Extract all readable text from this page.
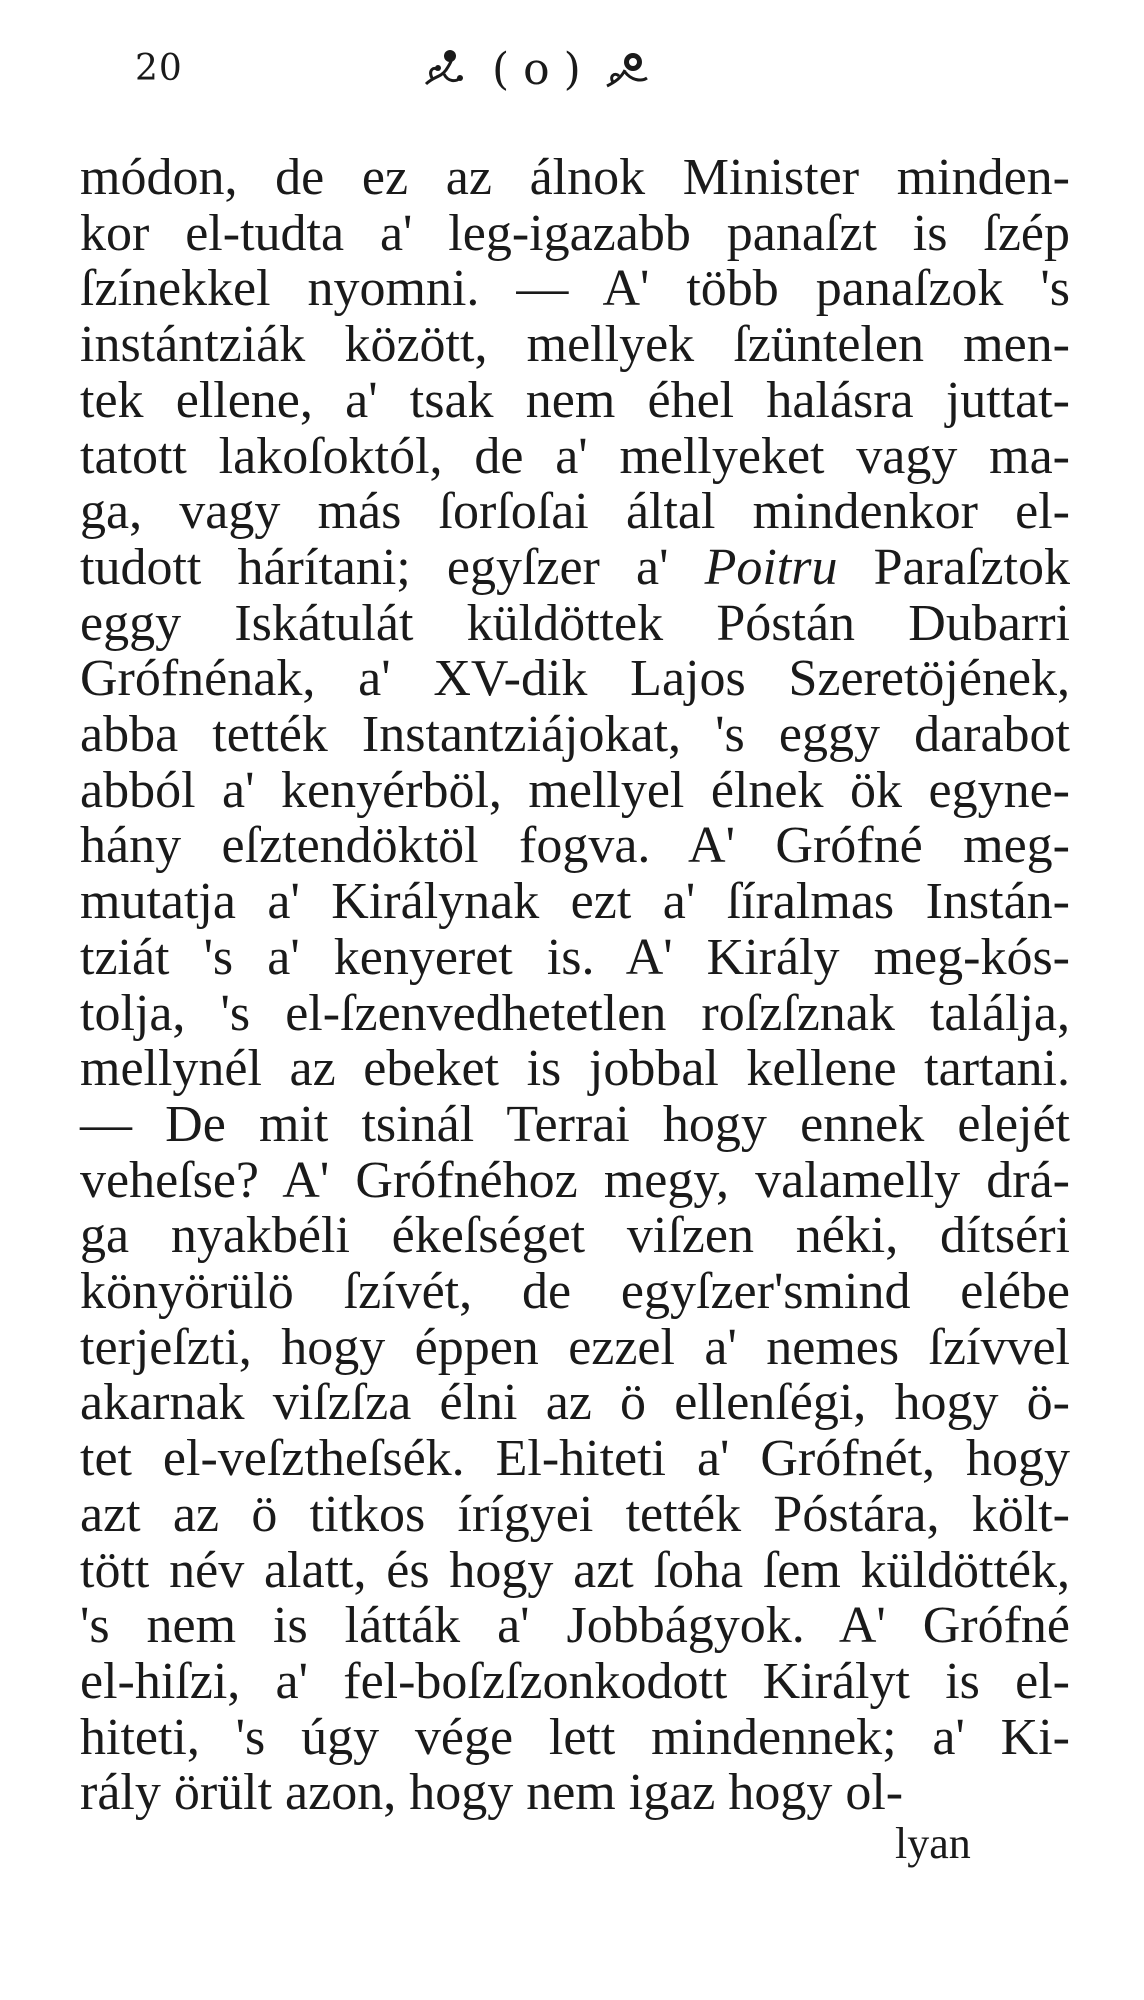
20	( o )
módon, de ez az álnok Minister minden-
kor el-tudta a' leg-igazabb panaſzt is ſzép
ſzínekkel nyomni. — A' több panaſzok 's
instántziák között, mellyek ſzüntelen men-
tek ellene, a' tsak nem éhel halásra juttat-
tatott lakoſoktól, de a' mellyeket vagy ma-
ga, vagy más ſorſoſai által mindenkor el-
tudott hárítani; egyſzer a' Poitru Paraſztok
eggy Iskátulát küldöttek Póstán Dubarri
Grófnénak, a' XV-dik Lajos Szeretöjének,
abba tették Instantziájokat, 's eggy darabot
abból a' kenyérböl, mellyel élnek ök egyne-
hány eſztendöktöl fogva. A' Grófné meg-
mutatja a' Királynak ezt a' ſíralmas Instán-
tziát 's a' kenyeret is. A' Király meg-kós-
tolja, 's el-ſzenvedhetetlen roſzſznak találja,
mellynél az ebeket is jobbal kellene tartani.
— De mit tsinál Terrai hogy ennek elejét
veheſse? A' Grófnéhoz megy, valamelly drá-
ga nyakbéli ékeſséget viſzen néki, dítséri
könyörülö ſzívét, de egyſzer'smind elébe
terjeſzti, hogy éppen ezzel a' nemes ſzívvel
akarnak viſzſza élni az ö ellenſégi, hogy ö-
tet el-veſztheſsék. El-hiteti a' Grófnét, hogy
azt az ö titkos írígyei tették Póstára, költ-
tött név alatt, és hogy azt ſoha ſem küldötték,
's nem is látták a' Jobbágyok. A' Grófné
el-hiſzi, a' fel-boſzſzonkodott Királyt is el-
hiteti, 's úgy vége lett mindennek; a' Ki-
rály örült azon, hogy nem igaz hogy ol-
lyan
